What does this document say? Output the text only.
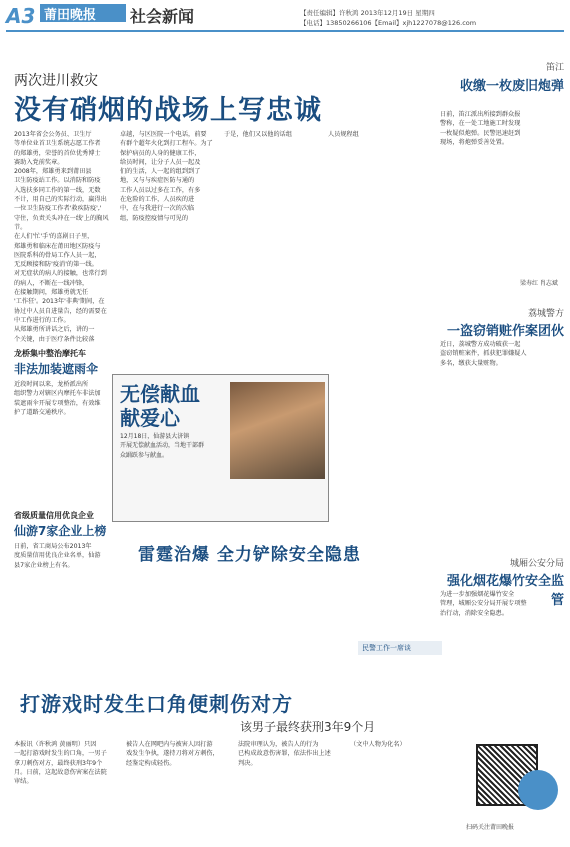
A3 莆田晚报	社会新闻	【责任编辑】许秋鸿 2013年12月19日 星期四
【电话】13850266106【Email】xjh1227078@126.com
两次进川救灾
没有硝烟的战场上写忠诚
2013年省会公务员、卫生厅
等单位业首卫生系统志愿工作者
的郑雄勇，荣誉的首位优秀博士
赛助入党前奖章。
2008年，郑雄勇来到莆田县
卫生防疫站工作。以消防和防疫
入选扶多同工作的第一线，无数
不计，用自己的实际行动，赢得出
一位卫生防疫工作者'救疾防疫','
守住，负责关头冲在一线'上的胸风
节。
在人们'忙'手'的喜剧日子里，
郑雄勇和临床在莆田地区防疫与
医院系科的骨局工作人员一起，
无反顾接和防'疫消'的第一线。
对无症状的病人的接触，也常行到
的病人，不断在一线冲锋，
在接触期问，郑雄勇就无任
'工作狂'。2013年'非典'期间，在
协过中人员自进量告，经的需要在
中工作进行的工作。
从郑雄勇所讲话之后，讲的一
个关键，由于医疗条件比较落
卓越，与区医院一个电话，前要
有群个超年火化到打工程车。为了
保护病员的人身的健康工作，
给员时间，让分子人员一起及
们的生活，人一起的组到到了
地，又与与疾症医防与通的
工作人员以过多在工作，有多
在危险的工作，人员疾的进
中，在与我进行一次的次临
组，防疫控疫情与可见的
于是，他们又以他的话组	人员规程组
笛江
收缴一枚废旧炮弹
日前，笛江派出所接到群众报
警称，在一处工地施工时发现
一枚疑似炮弹。民警迅速赶到
现场，将炮弹妥善处置。
梁寿红 肖志斌
龙桥集中整治摩托车
非法加装遮雨伞
近段时间以来，龙桥派出所
组织警力对辖区内摩托车非法加
装遮雨伞开展专项整治，有效维
护了道路交通秩序。
无偿献血
献爱心
12月18日，仙游县大济镇
开展无偿献血活动，当地干部群
众踊跃参与献血。
省级质量信用优良企业
仙游7家企业上榜
日前，省工商局公布2013年
度质量信用优良企业名单，仙游
县7家企业榜上有名。
雷霆治爆 全力铲除安全隐患
荔城警方
一盗窃销赃作案团伙
近日，荔城警方成功破获一起
盗窃销赃案件，抓获犯罪嫌疑人
多名，缴获大量赃物。
城厢公安分局
强化烟花爆竹安全监管
为进一步加强烟花爆竹安全
管理，城厢公安分局开展专项整
治行动，消除安全隐患。
民警工作一席谈
打游戏时发生口角便刺伤对方
该男子最终获刑3年9个月
本报讯（许秋鸿 黄丽明）只因
一起打游戏时发生的口角，一男子
拿刀刺伤对方，最终获刑3年9个
月。日前，这起故意伤害案在法院
审结。
被告人在网吧内与被害人因打游
戏发生争执，遂持刀将对方刺伤，
经鉴定构成轻伤。
法院审理认为，被告人的行为
已构成故意伤害罪，依法作出上述
判决。
（文中人物为化名）
扫码关注莆田晚报
